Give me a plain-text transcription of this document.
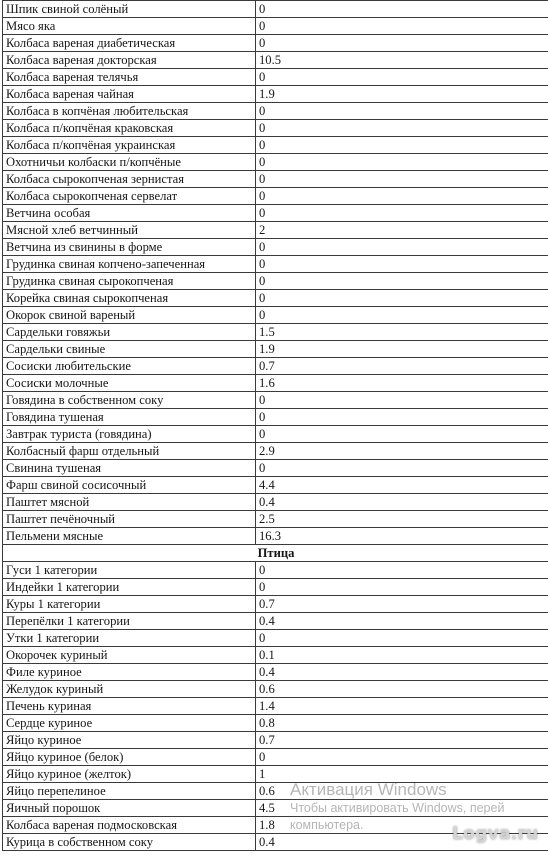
Шпик свиной солёный	0
Мясо яка	0
Колбаса вареная диабетическая	0
Колбаса вареная докторская	10.5
Колбаса вареная телячья	0
Колбаса вареная чайная	1.9
Колбаса в копчёная любительская	0
Колбаса п/копчёная краковская	0
Колбаса п/копчёная украинская	0
Охотничьи колбаски п/копчёные	0
Колбаса сырокопченая зернистая	0
Колбаса сырокопченая сервелат	0
Ветчина особая	0
Мясной хлеб ветчинный	2
Ветчина из свинины в форме	0
Грудинка свиная копчено-запеченная	0
Грудинка свиная сырокопченая	0
Корейка свиная сырокопченая	0
Окорок свиной вареный	0
Сардельки говяжьи	1.5
Сардельки свиные	1.9
Сосиски любительские	0.7
Сосиски молочные	1.6
Говядина в собственном соку	0
Говядина тушеная	0
Завтрак туриста (говядина)	0
Колбасный фарш отдельный	2.9
Свинина тушеная	0
Фарш свиной сосисочный	4.4
Паштет мясной	0.4
Паштет печёночный	2.5
Пельмени мясные	16.3
Птица	
Гуси 1 категории	0
Индейки 1 категории	0
Куры 1 категории	0.7
Перепёлки 1 категории	0.4
Утки 1 категории	0
Окорочек куриный	0.1
Филе куриное	0.4
Желудок куриный	0.6
Печень куриная	1.4
Сердце куриное	0.8
Яйцо куриное	0.7
Яйцо куриное (белок)	0
Яйцо куриное (желток)	1
Яйцо перепелиное	0.6
Яичный порошок	4.5
Колбаса вареная подмосковская	1.8
Курица в собственном соку	0.4
Активация Windows
Чтобы активировать Windows, перей
компьютера.	Logva.ru
